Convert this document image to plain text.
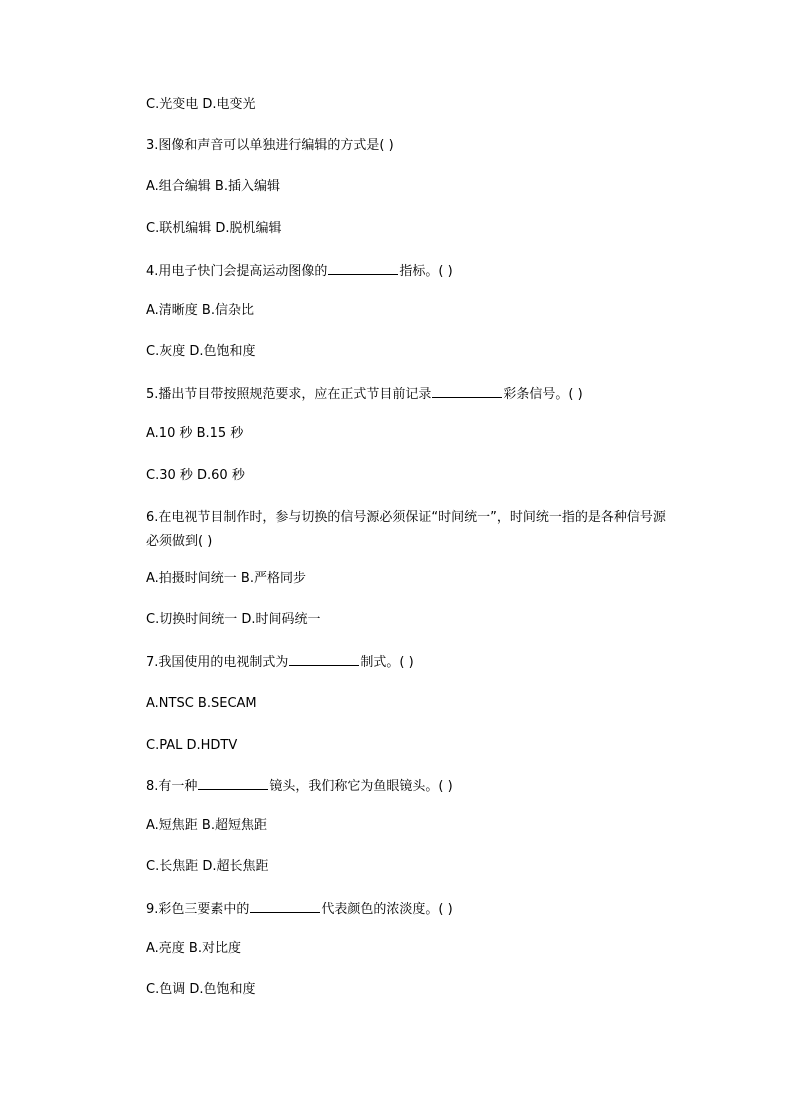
C.光变电 D.电变光
3.图像和声音可以单独进行编辑的方式是( )
A.组合编辑 B.插入编辑
C.联机编辑 D.脱机编辑
4.用电子快门会提高运动图像的	指标。( )
A.清晰度 B.信杂比
C.灰度 D.色饱和度
5.播出节目带按照规范要求，应在正式节目前记录	彩条信号。( )
A.10 秒 B.15 秒
C.30 秒 D.60 秒
6.在电视节目制作时，参与切换的信号源必须保证“时间统一”，时间统一指的是各种信号源必须做到( )
A.拍摄时间统一 B.严格同步
C.切换时间统一 D.时间码统一
7.我国使用的电视制式为	制式。( )
A.NTSC B.SECAM
C.PAL D.HDTV
8.有一种	镜头，我们称它为鱼眼镜头。( )
A.短焦距 B.超短焦距
C.长焦距 D.超长焦距
9.彩色三要素中的	代表颜色的浓淡度。( )
A.亮度 B.对比度
C.色调 D.色饱和度
